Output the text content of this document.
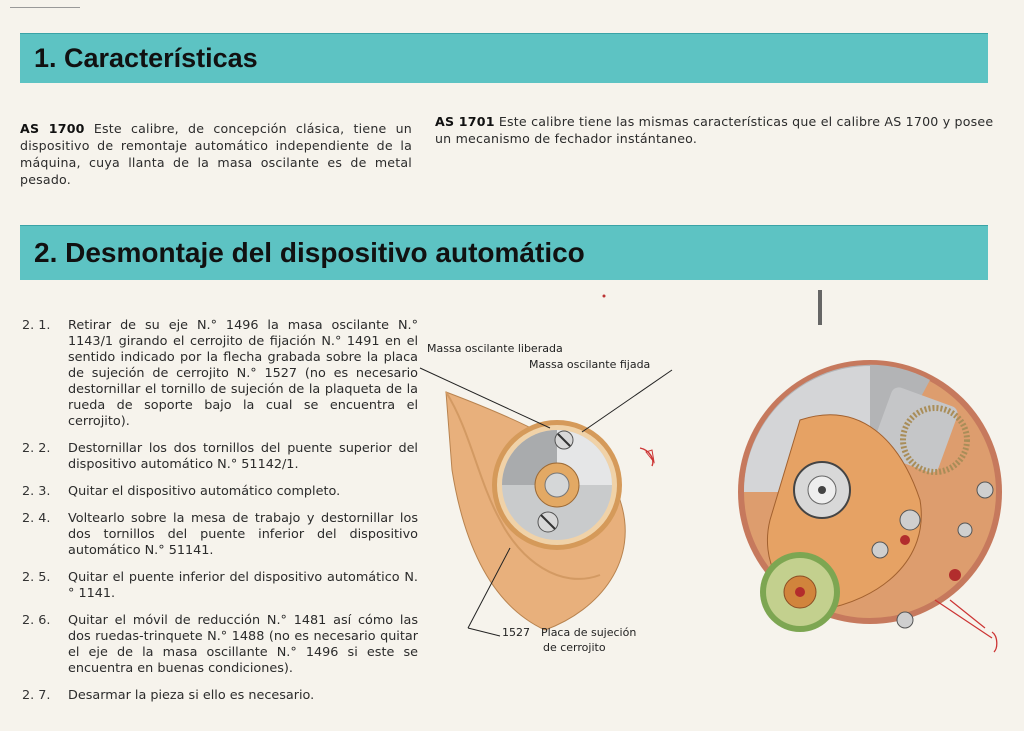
1. Características
AS 1700 Este calibre, de concepción clásica, tiene un dispositivo de remontaje automático independiente de la máquina, cuya llanta de la masa oscilante es de metal pesado.
AS 1701 Este calibre tiene las mismas características que el calibre AS 1700 y posee un mecanismo de fechador instántaneo.
2. Desmontaje del dispositivo automático
2. 1.	Retirar de su eje N.° 1496 la masa oscilante N.° 1143/1 girando el cerrojito de fijación N.° 1491 en el sentido indicado por la flecha grabada sobre la placa de sujeción de cerrojito N.° 1527 (no es necesario destornillar el tornillo de sujeción de la plaqueta de la rueda de soporte bajo la cual se encuentra el cerrojito).
2. 2.	Destornillar los dos tornillos del puente superior del dispositivo automático N.° 51142/1.
2. 3.	Quitar el dispositivo automático completo.
2. 4.	Voltearlo sobre la mesa de trabajo y destornillar los dos tornillos del puente inferior del dispositivo automático N.° 51141.
2. 5.	Quitar el puente inferior del dispositivo automático N.° 1141.
2. 6.	Quitar el móvil de reducción N.° 1481 así cómo las dos ruedas-trinquete N.° 1488 (no es necesario quitar el eje de la masa oscillante N.° 1496 si este se encuentra en buenas condiciones).
2. 7.	Desarmar la pieza si ello es necesario.
Massa oscilante liberada
Massa oscilante fijada
1527 Placa de sujeción
de cerrojito
